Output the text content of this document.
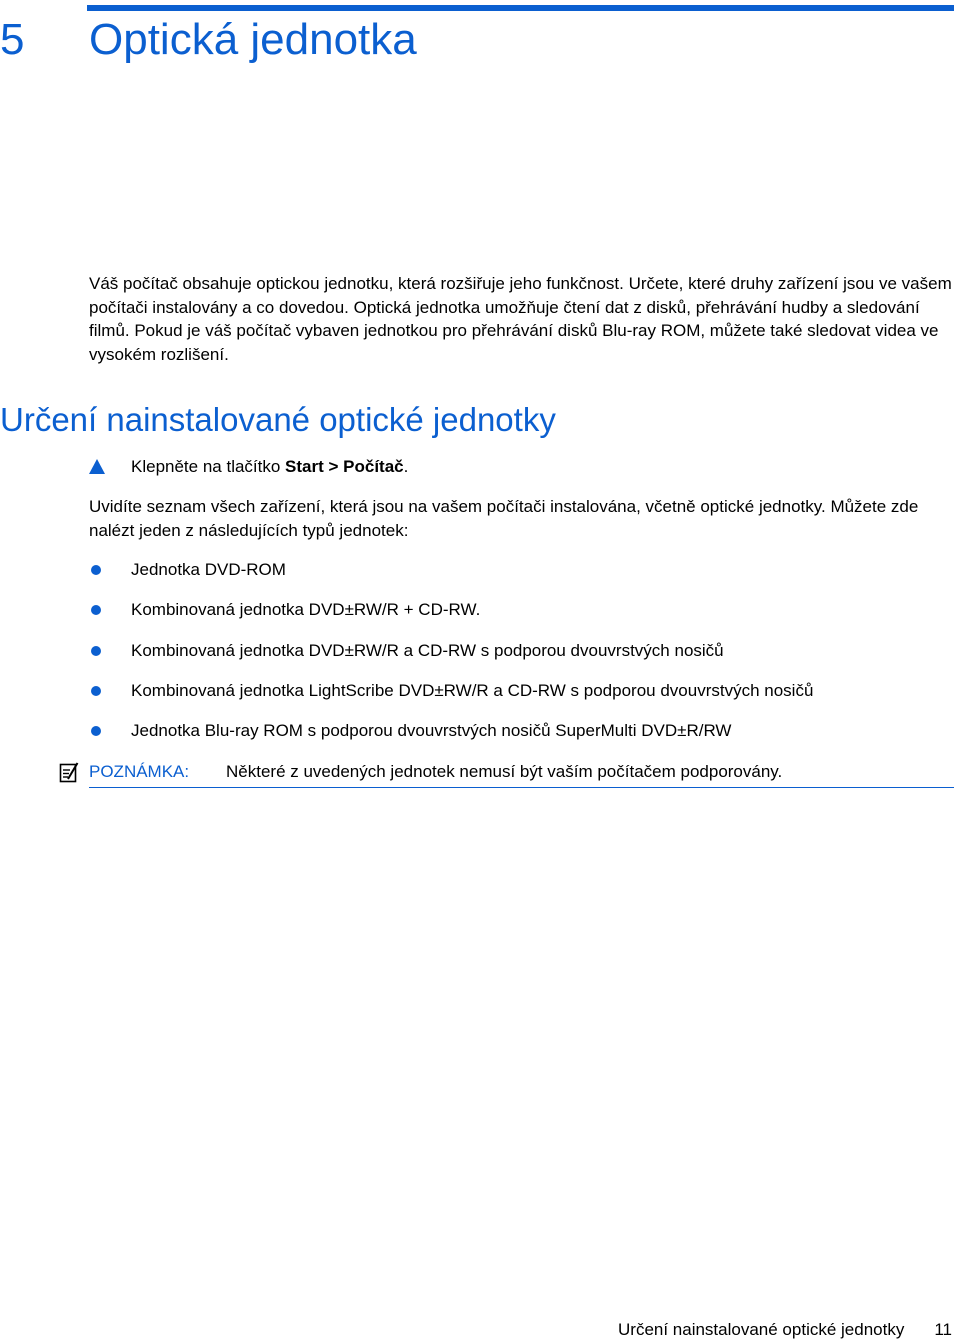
5 Optická jednotka

Váš počítač obsahuje optickou jednotku, která rozšiřuje jeho funkčnost. Určete, které druhy zařízení jsou ve vašem počítači instalovány a co dovedou. Optická jednotka umožňuje čtení dat z disků, přehrávání hudby a sledování filmů. Pokud je váš počítač vybaven jednotkou pro přehrávání disků Blu-ray ROM, můžete také sledovat videa ve vysokém rozlišení.

Určení nainstalované optické jednotky
Klepněte na tlačítko Start > Počítač.

Uvidíte seznam všech zařízení, která jsou na vašem počítači instalována, včetně optické jednotky. Můžete zde nalézt jeden z následujících typů jednotek:

Jednotka DVD-ROM
Kombinovaná jednotka DVD±RW/R + CD-RW.
Kombinovaná jednotka DVD±RW/R a CD-RW s podporou dvouvrstvých nosičů
Kombinovaná jednotka LightScribe DVD±RW/R a CD-RW s podporou dvouvrstvých nosičů
Jednotka Blu-ray ROM s podporou dvouvrstvých nosičů SuperMulti DVD±R/RW
POZNÁMKA: Některé z uvedených jednotek nemusí být vaším počítačem podporovány.
Určení nainstalované optické jednotky 11
